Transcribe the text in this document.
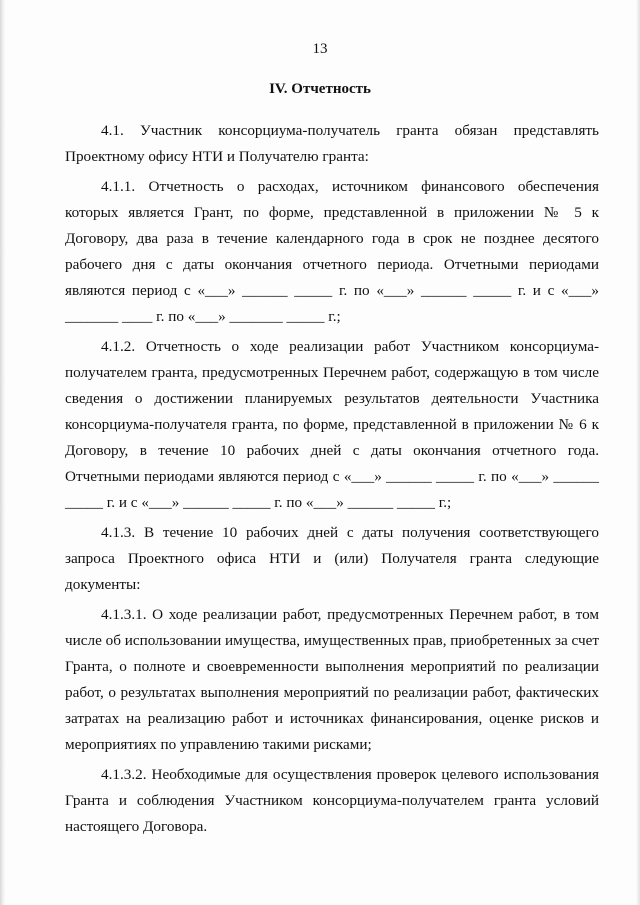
13
IV. Отчетность

4.1. Участник консорциума-получатель гранта обязан представлять Проектному офису НТИ и Получателю гранта:

4.1.1. Отчетность о расходах, источником финансового обеспечения которых является Грант, по форме, представленной в приложении № 5 к Договору, два раза в течение календарного года в срок не позднее десятого рабочего дня с даты окончания отчетного периода. Отчетными периодами являются период с «___» ______ _____ г. по «___» ______ _____ г. и с «___» _______ ____ г. по «___» _______ _____ г.;

4.1.2. Отчетность о ходе реализации работ Участником консорциума-получателем гранта, предусмотренных Перечнем работ, содержащую в том числе сведения о достижении планируемых результатов деятельности Участника консорциума-получателя гранта, по форме, представленной в приложении № 6 к Договору, в течение 10 рабочих дней с даты окончания отчетного года. Отчетными периодами являются период с «___» ______ _____ г. по «___» ______ _____ г. и с «___» ______ _____ г. по «___» ______ _____ г.;

4.1.3. В течение 10 рабочих дней с даты получения соответствующего запроса Проектного офиса НТИ и (или) Получателя гранта следующие документы:

4.1.3.1. О ходе реализации работ, предусмотренных Перечнем работ, в том числе об использовании имущества, имущественных прав, приобретенных за счет Гранта, о полноте и своевременности выполнения мероприятий по реализации работ, о результатах выполнения мероприятий по реализации работ, фактических затратах на реализацию работ и источниках финансирования, оценке рисков и мероприятиях по управлению такими рисками;

4.1.3.2. Необходимые для осуществления проверок целевого использования Гранта и соблюдения Участником консорциума-получателем гранта условий настоящего Договора.
